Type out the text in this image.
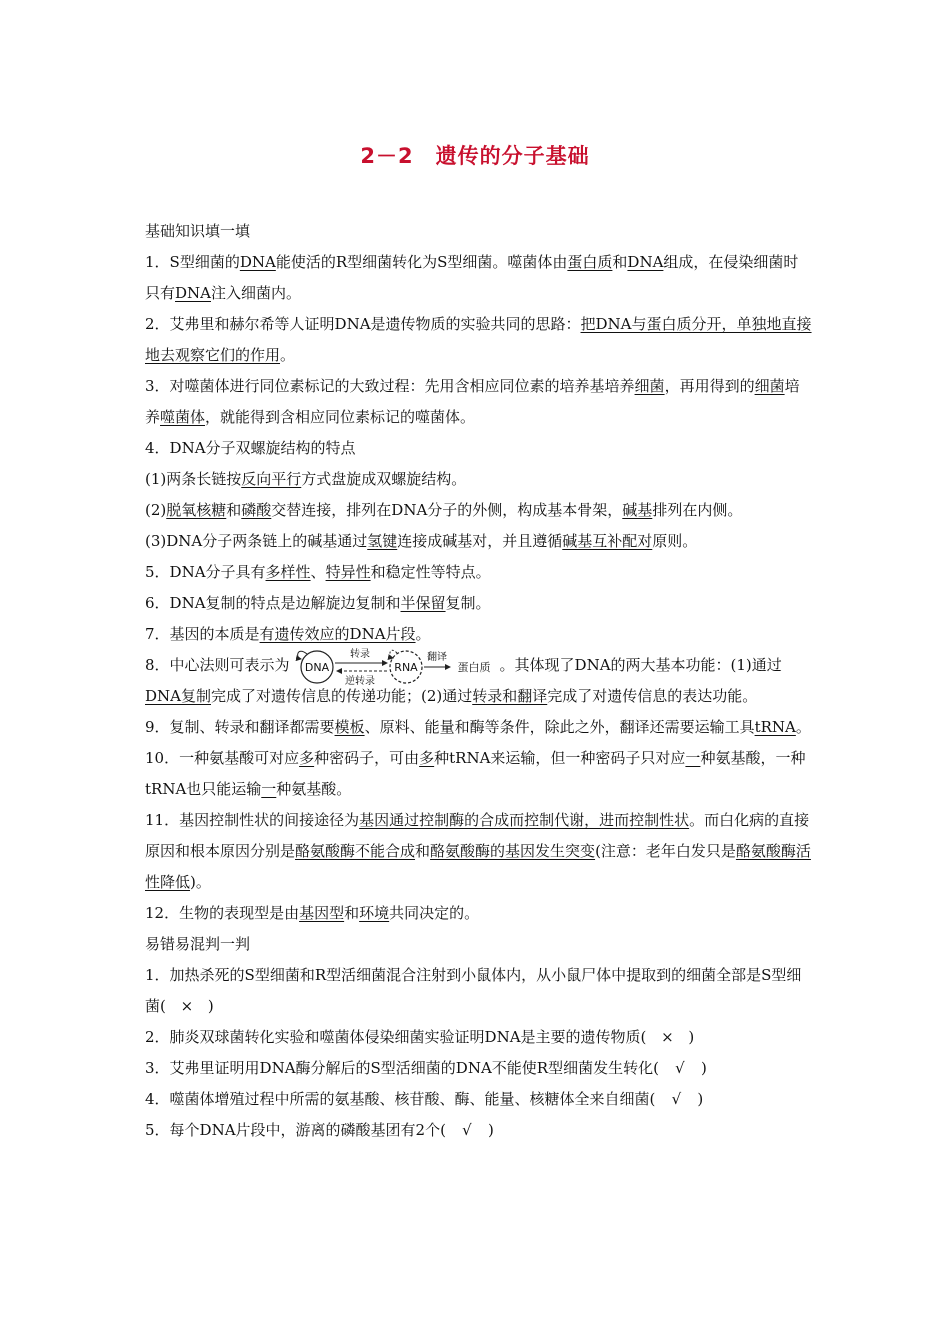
2－2　遗传的分子基础

基础知识填一填

1．S型细菌的DNA能使活的R型细菌转化为S型细菌。噬菌体由蛋白质和DNA组成，在侵染细菌时只有DNA注入细菌内。

2．艾弗里和赫尔希等人证明DNA是遗传物质的实验共同的思路：把DNA与蛋白质分开，单独地直接地去观察它们的作用。

3．对噬菌体进行同位素标记的大致过程：先用含相应同位素的培养基培养细菌，再用得到的细菌培养噬菌体，就能得到含相应同位素标记的噬菌体。

4．DNA分子双螺旋结构的特点

(1)两条长链按反向平行方式盘旋成双螺旋结构。

(2)脱氧核糖和磷酸交替连接，排列在DNA分子的外侧，构成基本骨架，碱基排列在内侧。

(3)DNA分子两条链上的碱基通过氢键连接成碱基对，并且遵循碱基互补配对原则。

5．DNA分子具有多样性、特异性和稳定性等特点。

6．DNA复制的特点是边解旋边复制和半保留复制。

7．基因的本质是有遗传效应的DNA片段。

8．中心法则可表示为 DNA
转录
逆转录
RNA
翻译
蛋白质 。其体现了DNA的两大基本功能：(1)通过DNA复制完成了对遗传信息的传递功能；(2)通过转录和翻译完成了对遗传信息的表达功能。

9．复制、转录和翻译都需要模板、原料、能量和酶等条件，除此之外，翻译还需要运输工具tRNA。

10．一种氨基酸可对应多种密码子，可由多种tRNA来运输，但一种密码子只对应一种氨基酸，一种tRNA也只能运输一种氨基酸。

11．基因控制性状的间接途径为基因通过控制酶的合成而控制代谢，进而控制性状。而白化病的直接原因和根本原因分别是酪氨酸酶不能合成和酪氨酸酶的基因发生突变(注意：老年白发只是酪氨酸酶活性降低)。

12．生物的表现型是由基因型和环境共同决定的。

易错易混判一判

1．加热杀死的S型细菌和R型活细菌混合注射到小鼠体内，从小鼠尸体中提取到的细菌全部是S型细菌( × )

2．肺炎双球菌转化实验和噬菌体侵染细菌实验证明DNA是主要的遗传物质( × )

3．艾弗里证明用DNA酶分解后的S型活细菌的DNA不能使R型细菌发生转化( √ )

4．噬菌体增殖过程中所需的氨基酸、核苷酸、酶、能量、核糖体全来自细菌( √ )

5．每个DNA片段中，游离的磷酸基团有2个( √ )
